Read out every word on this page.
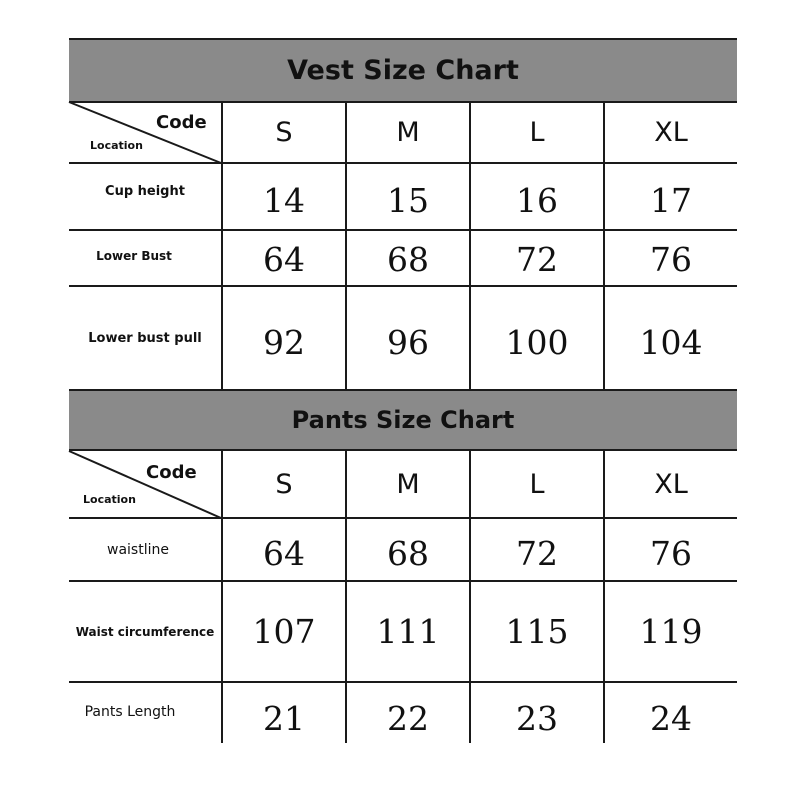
Vest Size Chart
Code
Location	S	M	L	XL
Cup height	14	15	16	17
Lower Bust	64	68	72	76
Lower bust pull	92	96	100	104
Pants Size Chart
Code
Location	S	M	L	XL
waistline	64	68	72	76
Waist circumference	107	111	115	119
Pants Length	21	22	23	24
